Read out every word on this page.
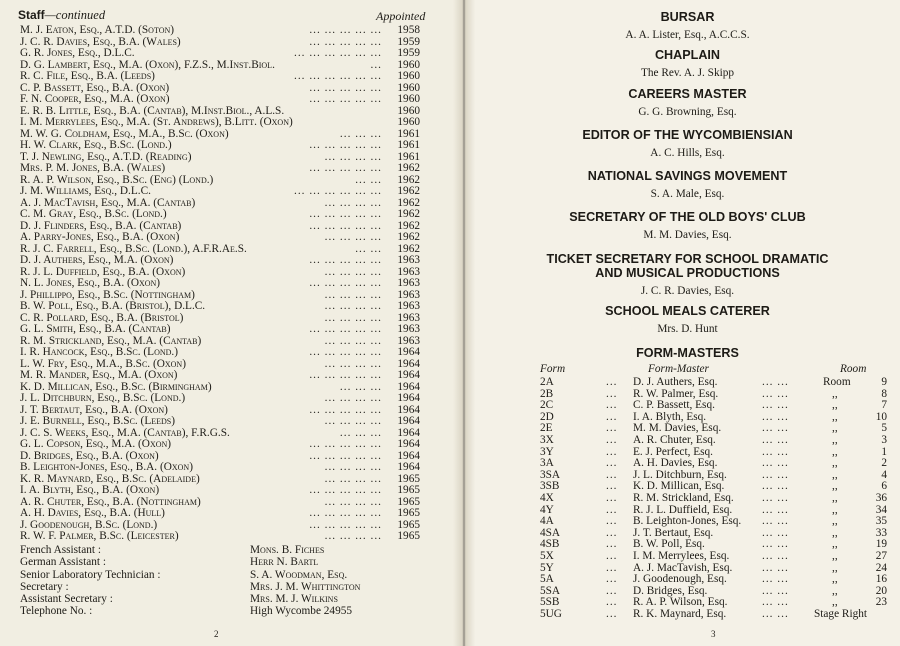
Staff—continued	Appointed
M. J. Eaton, Esq., A.T.D. (Soton)	... ... ... ... ...	1958
J. C. R. Davies, Esq., B.A. (Wales)	... ... ... ... ...	1959
G. R. Jones, Esq., D.L.C.	... ... ... ... ... ...	1959
D. G. Lambert, Esq., M.A. (Oxon), F.Z.S., M.Inst.Biol.	...	1960
R. C. File, Esq., B.A. (Leeds)	... ... ... ... ... ...	1960
C. P. Bassett, Esq., B.A. (Oxon)	... ... ... ... ...	1960
F. N. Cooper, Esq., M.A. (Oxon)	... ... ... ... ...	1960
E. R. B. Little, Esq., B.A. (Cantab), M.Inst.Biol., A.L.S.	1960
I. M. Merrylees, Esq., M.A. (St. Andrews), B.Litt. (Oxon)	1960
M. W. G. Coldham, Esq., M.A., B.Sc. (Oxon)	... ... ...	1961
H. W. Clark, Esq., B.Sc. (Lond.)	... ... ... ... ...	1961
T. J. Newling, Esq., A.T.D. (Reading)	... ... ... ...	1961
Mrs. P. M. Jones, B.A. (Wales)	... ... ... ... ...	1962
R. A. P. Wilson, Esq., B.Sc. (Eng) (Lond.)	... ...	1962
J. M. Williams, Esq., D.L.C.	... ... ... ... ... ...	1962
A. J. MacTavish, Esq., M.A. (Cantab)	... ... ... ...	1962
C. M. Gray, Esq., B.Sc. (Lond.)	... ... ... ... ...	1962
D. J. Flinders, Esq., B.A. (Cantab)	... ... ... ... ...	1962
A. Parry-Jones, Esq., B.A. (Oxon)	... ... ... ...	1962
R. J. C. Farrell, Esq., B.Sc. (Lond.), A.F.R.Ae.S.	... ...	1962
D. J. Authers, Esq., M.A. (Oxon)	... ... ... ... ...	1963
R. J. L. Duffield, Esq., B.A. (Oxon)	... ... ... ...	1963
N. L. Jones, Esq., B.A. (Oxon)	... ... ... ... ...	1963
J. Phillippo, Esq., B.Sc. (Nottingham)	... ... ... ...	1963
B. W. Poll, Esq., B.A. (Bristol), D.L.C.	... ... ... ...	1963
C. R. Pollard, Esq., B.A. (Bristol)	... ... ... ...	1963
G. L. Smith, Esq., B.A. (Cantab)	... ... ... ... ...	1963
R. M. Strickland, Esq., M.A. (Cantab)	... ... ... ...	1963
I. R. Hancock, Esq., B.Sc. (Lond.)	... ... ... ... ...	1964
L. W. Fry, Esq., M.A., B.Sc. (Oxon)	... ... ... ...	1964
M. R. Mander, Esq., M.A. (Oxon)	... ... ... ... ...	1964
K. D. Millican, Esq., B.Sc. (Birmingham)	... ... ...	1964
J. L. Ditchburn, Esq., B.Sc. (Lond.)	... ... ... ...	1964
J. T. Bertaut, Esq., B.A. (Oxon)	... ... ... ... ...	1964
J. E. Burnell, Esq., B.Sc. (Leeds)	... ... ... ...	1964
J. C. S. Weeks, Esq., M.A. (Cantab), F.R.G.S.	... ... ...	1964
G. L. Copson, Esq., M.A. (Oxon)	... ... ... ... ...	1964
D. Bridges, Esq., B.A. (Oxon)	... ... ... ... ...	1964
B. Leighton-Jones, Esq., B.A. (Oxon)	... ... ... ...	1964
K. R. Maynard, Esq., B.Sc. (Adelaide)	... ... ... ...	1965
I. A. Blyth, Esq., B.A. (Oxon)	... ... ... ... ...	1965
A. R. Chuter, Esq., B.A. (Nottingham)	... ... ... ...	1965
A. H. Davies, Esq., B.A. (Hull)	... ... ... ... ...	1965
J. Goodenough, B.Sc. (Lond.)	... ... ... ... ...	1965
R. W. F. Palmer, B.Sc. (Leicester)	... ... ... ...	1965
French Assistant :	Mons. B. Fiches
German Assistant :	Herr N. Bartl
Senior Laboratory Technician :	S. A. Woodman, Esq.
Secretary :	Mrs. J. M. Whittington
Assistant Secretary :	Mrs. M. J. Wilkins
Telephone No. :	High Wycombe 24955
2
BURSAR
A. A. Lister, Esq., A.C.C.S.
CHAPLAIN
The Rev. A. J. Skipp
CAREERS MASTER
G. G. Browning, Esq.
EDITOR OF THE WYCOMBIENSIAN
A. C. Hills, Esq.
NATIONAL SAVINGS MOVEMENT
S. A. Male, Esq.
SECRETARY OF THE OLD BOYS' CLUB
M. M. Davies, Esq.
TICKET SECRETARY FOR SCHOOL DRAMATIC AND MUSICAL PRODUCTIONS
J. C. R. Davies, Esq.
SCHOOL MEALS CATERER
Mrs. D. Hunt
FORM-MASTERS
Form	Form-Master	Room
2A	... D. J. Authers, Esq.	... ...	Room	9
2B	... R. W. Palmer, Esq.	... ...	,,	8
2C	... C. P. Bassett, Esq.	... ...	,,	7
2D	... I. A. Blyth, Esq.	... ...	,,	10
2E	... M. M. Davies, Esq.	... ...	,,	5
3X	... A. R. Chuter, Esq.	... ...	,,	3
3Y	... E. J. Perfect, Esq.	... ...	,,	1
3A	... A. H. Davies, Esq.	... ...	,,	2
3SA	... J. L. Ditchburn, Esq.	... ...	,,	4
3SB	... K. D. Millican, Esq.	... ...	,,	6
4X	... R. M. Strickland, Esq.	... ...	,,	36
4Y	... R. J. L. Duffield, Esq.	... ...	,,	34
4A	... B. Leighton-Jones, Esq. ... ...	,,	35
4SA	... J. T. Bertaut, Esq.	... ...	,,	33
4SB	... B. W. Poll, Esq.	... ...	,,	19
5X	... I. M. Merrylees, Esq.	... ...	,,	27
5Y	... A. J. MacTavish, Esq.	... ...	,,	24
5A	... J. Goodenough, Esq.	... ...	,,	16
5SA	... D. Bridges, Esq.	... ...	,,	20
5SB	... R. A. P. Wilson, Esq.	... ...	,,	23
5UG	... R. K. Maynard, Esq.	... ... Stage Right
3
